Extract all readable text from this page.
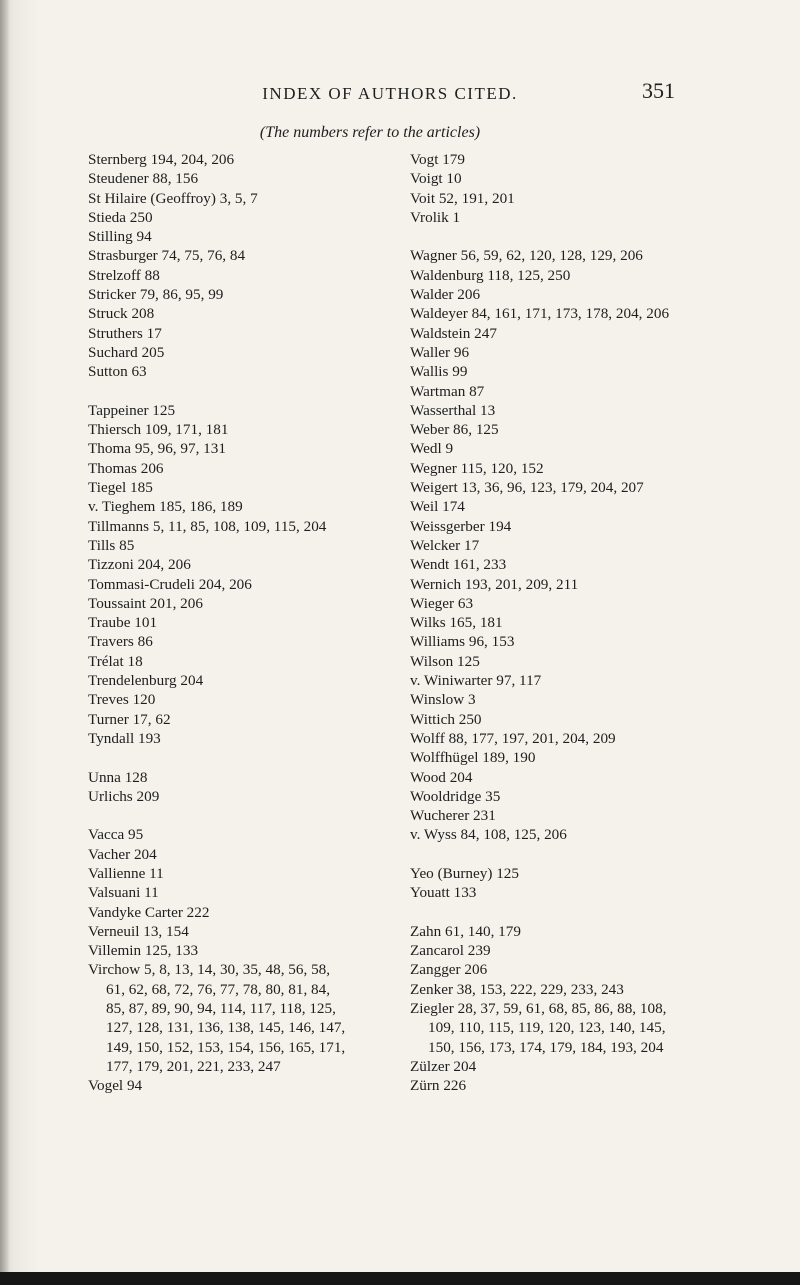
INDEX OF AUTHORS CITED.	351
(The numbers refer to the articles)
Sternberg 194, 204, 206
Steudener 88, 156
St Hilaire (Geoffroy) 3, 5, 7
Stieda 250
Stilling 94
Strasburger 74, 75, 76, 84
Strelzoff 88
Stricker 79, 86, 95, 99
Struck 208
Struthers 17
Suchard 205
Sutton 63
Tappeiner 125
Thiersch 109, 171, 181
Thoma 95, 96, 97, 131
Thomas 206
Tiegel 185
v. Tieghem 185, 186, 189
Tillmanns 5, 11, 85, 108, 109, 115, 204
Tills 85
Tizzoni 204, 206
Tommasi-Crudeli 204, 206
Toussaint 201, 206
Traube 101
Travers 86
Trélat 18
Trendelenburg 204
Treves 120
Turner 17, 62
Tyndall 193
Unna 128
Urlichs 209
Vacca 95
Vacher 204
Vallienne 11
Valsuani 11
Vandyke Carter 222
Verneuil 13, 154
Villemin 125, 133
Virchow 5, 8, 13, 14, 30, 35, 48, 56, 58,
61, 62, 68, 72, 76, 77, 78, 80, 81, 84,
85, 87, 89, 90, 94, 114, 117, 118, 125,
127, 128, 131, 136, 138, 145, 146, 147,
149, 150, 152, 153, 154, 156, 165, 171,
177, 179, 201, 221, 233, 247
Vogel 94
Vogt 179
Voigt 10
Voit 52, 191, 201
Vrolik 1
Wagner 56, 59, 62, 120, 128, 129, 206
Waldenburg 118, 125, 250
Walder 206
Waldeyer 84, 161, 171, 173, 178, 204, 206
Waldstein 247
Waller 96
Wallis 99
Wartman 87
Wasserthal 13
Weber 86, 125
Wedl 9
Wegner 115, 120, 152
Weigert 13, 36, 96, 123, 179, 204, 207
Weil 174
Weissgerber 194
Welcker 17
Wendt 161, 233
Wernich 193, 201, 209, 211
Wieger 63
Wilks 165, 181
Williams 96, 153
Wilson 125
v. Winiwarter 97, 117
Winslow 3
Wittich 250
Wolff 88, 177, 197, 201, 204, 209
Wolffhügel 189, 190
Wood 204
Wooldridge 35
Wucherer 231
v. Wyss 84, 108, 125, 206
Yeo (Burney) 125
Youatt 133
Zahn 61, 140, 179
Zancarol 239
Zangger 206
Zenker 38, 153, 222, 229, 233, 243
Ziegler 28, 37, 59, 61, 68, 85, 86, 88, 108,
109, 110, 115, 119, 120, 123, 140, 145,
150, 156, 173, 174, 179, 184, 193, 204
Zülzer 204
Zürn 226
